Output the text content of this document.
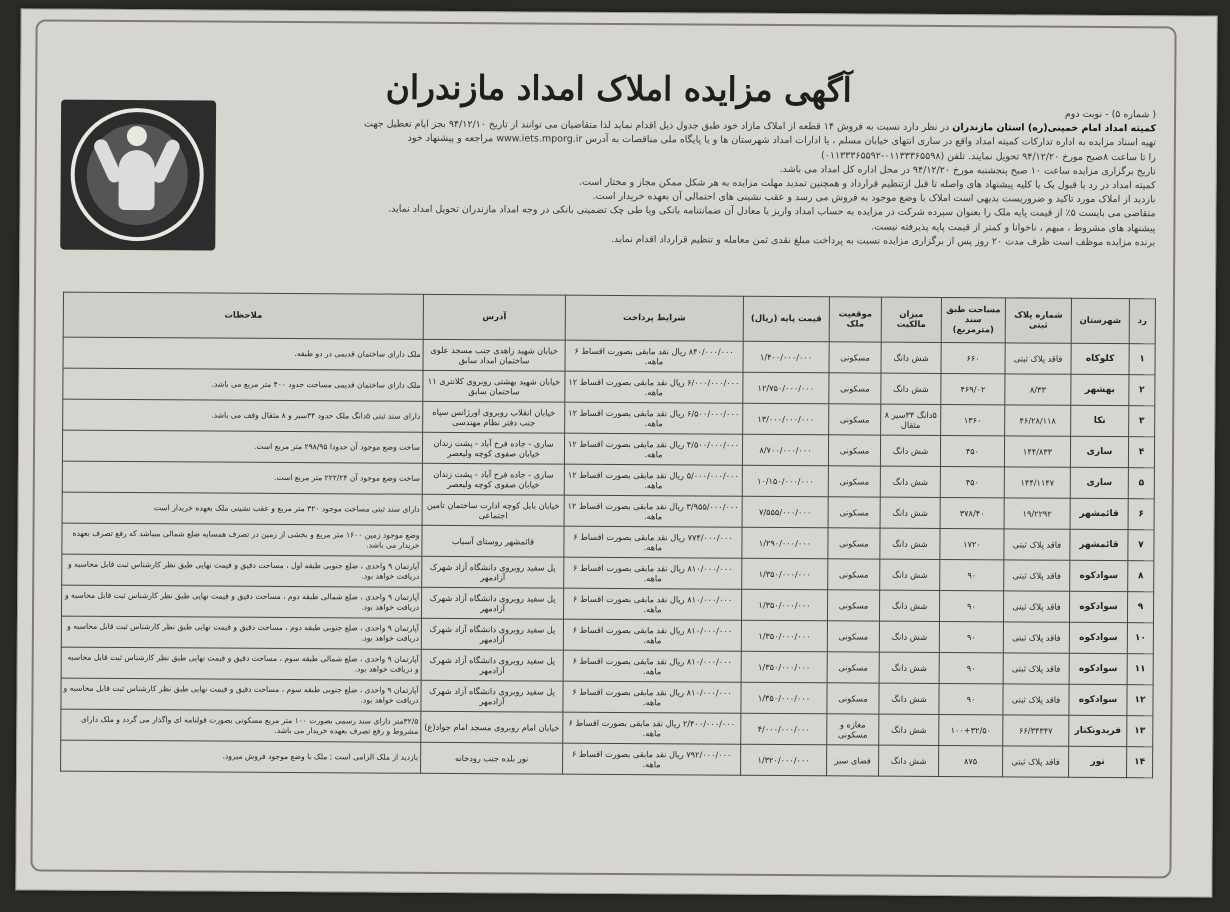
آگهی مزایده املاک امداد مازندران

( شماره ۵) - نوبت دوم

کمیته امداد امام خمینی(ره) استان مازندران در نظر دارد نسبت به فروش ۱۴ قطعه از املاک مازاد خود طبق جدول ذیل اقدام نماید لذا متقاضیان می توانند از تاریخ ۹۴/۱۲/۱۰ بجز ایام تعطیل جهت

تهیه اسناد مزایده به اداره تدارکات کمیته امداد واقع در ساری انتهای خیابان مسلم ، یا ادارات امداد شهرستان ها و یا پایگاه ملی مناقصات به آدرس www.iets.mporg.ir مراجعه و پیشنهاد خود

را تا ساعت ۸صبح مورخ ۹۴/۱۲/۲۰ تحویل نمایند. تلفن (۰۱۱۳۳۳۶۵۵۹۸-۰۱۱۳۳۳۶۵۵۹۲)

تاریخ برگزاری مزایده ساعت ۱۰ صبح پنجشنبه مورخ ۹۴/۱۲/۲۰ در محل اداره کل امداد می باشد.

کمیته امداد در رد یا قبول یک یا کلیه پیشنهاد های واصله تا قبل ازتنظیم قرارداد و همچنین تمدید مهلت مزایده به هر شکل ممکن مجاز و مختار است.

بازدید از املاک مورد تاکید و ضروریست بدیهی است املاک با وضع موجود به فروش می رسد و عقب نشینی های احتمالی آن بعهده خریدار است.

متقاضی می بایست ۵٪ از قیمت پایه ملک را بعنوان سپرده شرکت در مزایده به حساب امداد واریز یا معادل آن ضمانتنامه بانکی ویا طی چک تضمینی بانکی در وجه امداد مازندران تحویل امداد نماید.

پیشنهاد های مشروط ، مبهم ، ناخوانا و کمتر از قیمت پایه پذیرفته نیست.

برنده مزایده موظف است ظرف مدت ۲۰ روز پس از برگزاری مزایده نسبت به پرداخت مبلغ نقدی ثمن معامله و تنظیم قرارداد اقدام نماید.

رد	شهرستان	شماره پلاک ثبتی	مساحت طبق سند (مترمربع)	میزان مالکیت	موقعیت ملک	قیمت پایه (ریال)	شرایط پرداخت	آدرس	ملاحظات
۱	کلوکاه	فاقد پلاک ثبتی	۶۶۰	شش دانگ	مسکونی	۱/۴۰۰/۰۰۰/۰۰۰	۸۴۰/۰۰۰/۰۰۰ ریال نقد مابقی بصورت اقساط ۶ ماهه.	خیابان شهید زاهدی جنب مسجد علوی ساختمان امداد سابق	ملک دارای ساختمان قدیمی در دو طبقه.
۲	بهشهر	۸/۳۳	۴۶۹/۰۲	شش دانگ	مسکونی	۱۲/۷۵۰/۰۰۰/۰۰۰	۶/۰۰۰/۰۰۰/۰۰۰ ریال نقد مابقی بصورت اقساط ۱۲ ماهه.	خیابان شهید بهشتی روبروی کلانتری ۱۱ ساختمان سابق	ملک دارای ساختمان قدیمی مساحت حدود ۴۰۰ متر مربع می باشد.
۳	نکا	۴۶/۲۸/۱۱۸	۱۳۶۰	۵دانگ ۳۴سیر ۸ مثقال	مسکونی	۱۳/۰۰۰/۰۰۰/۰۰۰	۶/۵۰۰/۰۰۰/۰۰۰ ریال نقد مابقی بصورت اقساط ۱۲ ماهه.	خیابان انقلاب روبروی اورژانس سپاه جنب دفتر نظام مهندسی	دارای سند ثبتی ۵دانگ ملک حدود ۳۴سیر و ۸ مثقال وقف می باشد.
۴	ساری	۱۴۴/۸۳۳	۴۵۰	شش دانگ	مسکونی	۸/۷۰۰/۰۰۰/۰۰۰	۴/۵۰۰/۰۰۰/۰۰۰ ریال نقد مابقی بصورت اقساط ۱۲ ماهه.	ساری - جاده فرح آباد - پشت زندان خیابان صفوی کوچه ولیعصر	ساخت وضع موجود آن حدودا ۲۹۸/۹۵ متر مربع است.
۵	ساری	۱۴۴/۱۱۴۷	۴۵۰	شش دانگ	مسکونی	۱۰/۱۵۰/۰۰۰/۰۰۰	۵/۰۰۰/۰۰۰/۰۰۰ ریال نقد مابقی بصورت اقساط ۱۲ ماهه.	ساری - جاده فرح آباد - پشت زندان خیابان صفوی کوچه ولیعصر	ساخت وضع موجود آن ۲۲۲/۲۴ متر مربع است.
۶	قائمشهر	۱۹/۲۲۹۲	۳۷۸/۴۰	شش دانگ	مسکونی	۷/۵۵۵/۰۰۰/۰۰۰	۳/۹۵۵/۰۰۰/۰۰۰ ریال نقد مابقی بصورت اقساط ۱۲ ماهه.	خیابان بابل کوچه ادارت ساختمان تامین اجتماعی	دارای سند ثبتی مساحت موجود ۳۲۰ متر مربع و عقب نشینی ملک بعهده خریدار است
۷	قائمشهر	فاقد پلاک ثبتی	۱۷۲۰	شش دانگ	مسکونی	۱/۲۹۰/۰۰۰/۰۰۰	۷۷۴/۰۰۰/۰۰۰ ریال نقد مابقی بصورت اقساط ۶ ماهه.	قائمشهر روستای آسیاب	وضع موجود زمین ۱۶۰۰ متر مربع و بخشی از زمین در تصرف همسایه ضلع شمالی میباشد که رفع تصرف بعهده خریدار می باشد.
۸	سوادکوه	فاقد پلاک ثبتی	۹۰	شش دانگ	مسکونی	۱/۳۵۰/۰۰۰/۰۰۰	۸۱۰/۰۰۰/۰۰۰ ریال نقد مابقی بصورت اقساط ۶ ماهه.	پل سفید روبروی دانشگاه آزاد شهرک آزادمهر	آپارتمان ۹ واحدی ، ضلع جنوبی طبقه اول ، مساحت دقیق و قیمت نهایی طبق نظر کارشناس ثبت قابل محاسبه و دریافت خواهد بود.
۹	سوادکوه	فاقد پلاک ثبتی	۹۰	شش دانگ	مسکونی	۱/۳۵۰/۰۰۰/۰۰۰	۸۱۰/۰۰۰/۰۰۰ ریال نقد مابقی بصورت اقساط ۶ ماهه.	پل سفید روبروی دانشگاه آزاد شهرک آزادمهر	آپارتمان ۹ واحدی ، ضلع شمالی طبقه دوم ، مساحت دقیق و قیمت نهایی طبق نظر کارشناس ثبت قابل محاسبه و دریافت خواهد بود.
۱۰	سوادکوه	فاقد پلاک ثبتی	۹۰	شش دانگ	مسکونی	۱/۳۵۰/۰۰۰/۰۰۰	۸۱۰/۰۰۰/۰۰۰ ریال نقد مابقی بصورت اقساط ۶ ماهه.	پل سفید روبروی دانشگاه آزاد شهرک آزادمهر	آپارتمان ۹ واحدی ، ضلع جنوبی طبقه دوم ، مساحت دقیق و قیمت نهایی طبق نظر کارشناس ثبت قابل محاسبه و دریافت خواهد بود.
۱۱	سوادکوه	فاقد پلاک ثبتی	۹۰	شش دانگ	مسکونی	۱/۳۵۰/۰۰۰/۰۰۰	۸۱۰/۰۰۰/۰۰۰ ریال نقد مابقی بصورت اقساط ۶ ماهه.	پل سفید روبروی دانشگاه آزاد شهرک آزادمهر	آپارتمان ۹ واحدی ، ضلع شمالی طبقه سوم ، مساحت دقیق و قیمت نهایی طبق نظر کارشناس ثبت قابل محاسبه و دریافت خواهد بود.
۱۲	سوادکوه	فاقد پلاک ثبتی	۹۰	شش دانگ	مسکونی	۱/۳۵۰/۰۰۰/۰۰۰	۸۱۰/۰۰۰/۰۰۰ ریال نقد مابقی بصورت اقساط ۶ ماهه.	پل سفید روبروی دانشگاه آزاد شهرک آزادمهر	آپارتمان ۹ واحدی ، ضلع جنوبی طبقه سوم ، مساحت دقیق و قیمت نهایی طبق نظر کارشناس ثبت قابل محاسبه و دریافت خواهد بود.
۱۳	فریدونکنار	۶۶/۳۴۳۴۷	۱۰۰+۳۲/۵۰	شش دانگ	مغازه و مسکونی	۴/۰۰۰/۰۰۰/۰۰۰	۲/۴۰۰/۰۰۰/۰۰۰ ریال نقد مابقی بصورت اقساط ۶ ماهه.	خیابان امام روبروی مسجد امام جواد(ع)	۳۲/۵متر دارای سند رسمی بصورت ۱۰۰ متر مربع مسکونی بصورت قولنامه ای واگذار می گردد و ملک دارای مشروط و رفع تصرف بعهده خریدار می باشد.
۱۴	نور	فاقد پلاک ثبتی	۸۷۵	شش دانگ	فضای سبز	۱/۳۲۰/۰۰۰/۰۰۰	۷۹۲/۰۰۰/۰۰۰ ریال نقد مابقی بصورت اقساط ۶ ماهه.	نور بلده جنب رودخانه	بازدید از ملک الزامی است ; ملک با وضع موجود فروش میرود.
